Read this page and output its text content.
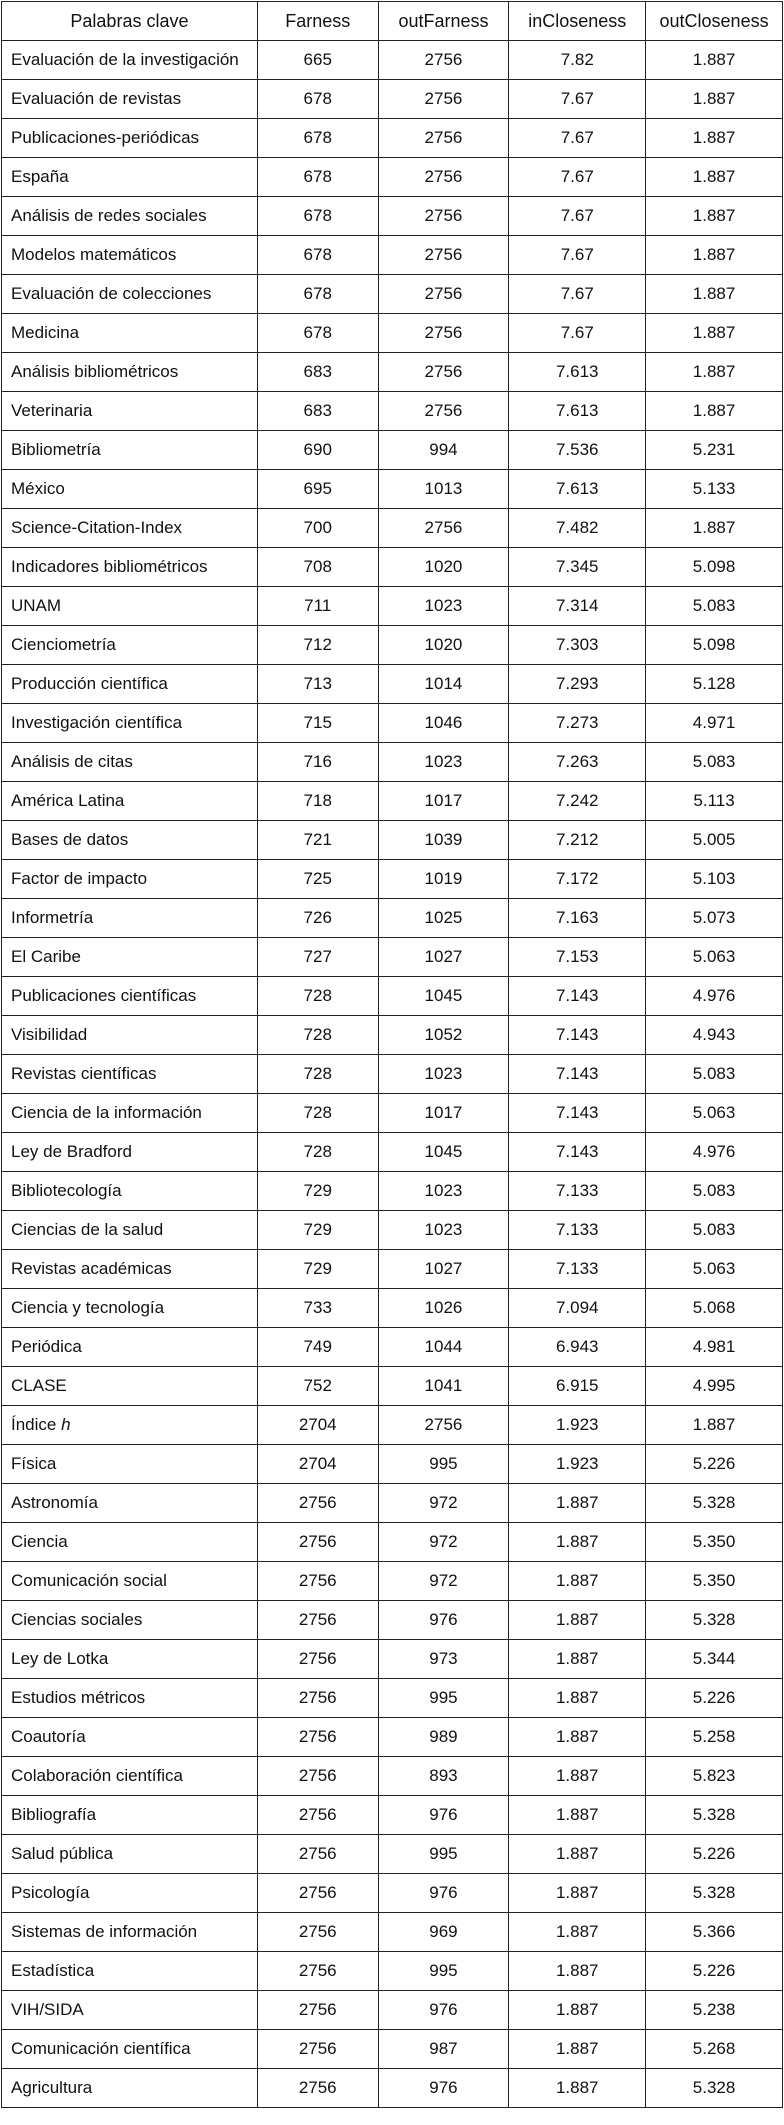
Palabras clave	Farness	outFarness	inCloseness	outCloseness
Evaluación de la investigación	665	2756	7.82	1.887
Evaluación de revistas	678	2756	7.67	1.887
Publicaciones-periódicas	678	2756	7.67	1.887
España	678	2756	7.67	1.887
Análisis de redes sociales	678	2756	7.67	1.887
Modelos matemáticos	678	2756	7.67	1.887
Evaluación de colecciones	678	2756	7.67	1.887
Medicina	678	2756	7.67	1.887
Análisis bibliométricos	683	2756	7.613	1.887
Veterinaria	683	2756	7.613	1.887
Bibliometría	690	994	7.536	5.231
México	695	1013	7.613	5.133
Science-Citation-Index	700	2756	7.482	1.887
Indicadores bibliométricos	708	1020	7.345	5.098
UNAM	711	1023	7.314	5.083
Cienciometría	712	1020	7.303	5.098
Producción científica	713	1014	7.293	5.128
Investigación científica	715	1046	7.273	4.971
Análisis de citas	716	1023	7.263	5.083
América Latina	718	1017	7.242	5.113
Bases de datos	721	1039	7.212	5.005
Factor de impacto	725	1019	7.172	5.103
Informetría	726	1025	7.163	5.073
El Caribe	727	1027	7.153	5.063
Publicaciones científicas	728	1045	7.143	4.976
Visibilidad	728	1052	7.143	4.943
Revistas científicas	728	1023	7.143	5.083
Ciencia de la información	728	1017	7.143	5.063
Ley de Bradford	728	1045	7.143	4.976
Bibliotecología	729	1023	7.133	5.083
Ciencias de la salud	729	1023	7.133	5.083
Revistas académicas	729	1027	7.133	5.063
Ciencia y tecnología	733	1026	7.094	5.068
Periódica	749	1044	6.943	4.981
CLASE	752	1041	6.915	4.995
Índice h	2704	2756	1.923	1.887
Física	2704	995	1.923	5.226
Astronomía	2756	972	1.887	5.328
Ciencia	2756	972	1.887	5.350
Comunicación social	2756	972	1.887	5.350
Ciencias sociales	2756	976	1.887	5.328
Ley de Lotka	2756	973	1.887	5.344
Estudios métricos	2756	995	1.887	5.226
Coautoría	2756	989	1.887	5.258
Colaboración científica	2756	893	1.887	5.823
Bibliografía	2756	976	1.887	5.328
Salud pública	2756	995	1.887	5.226
Psicología	2756	976	1.887	5.328
Sistemas de información	2756	969	1.887	5.366
Estadística	2756	995	1.887	5.226
VIH/SIDA	2756	976	1.887	5.238
Comunicación científica	2756	987	1.887	5.268
Agricultura	2756	976	1.887	5.328
